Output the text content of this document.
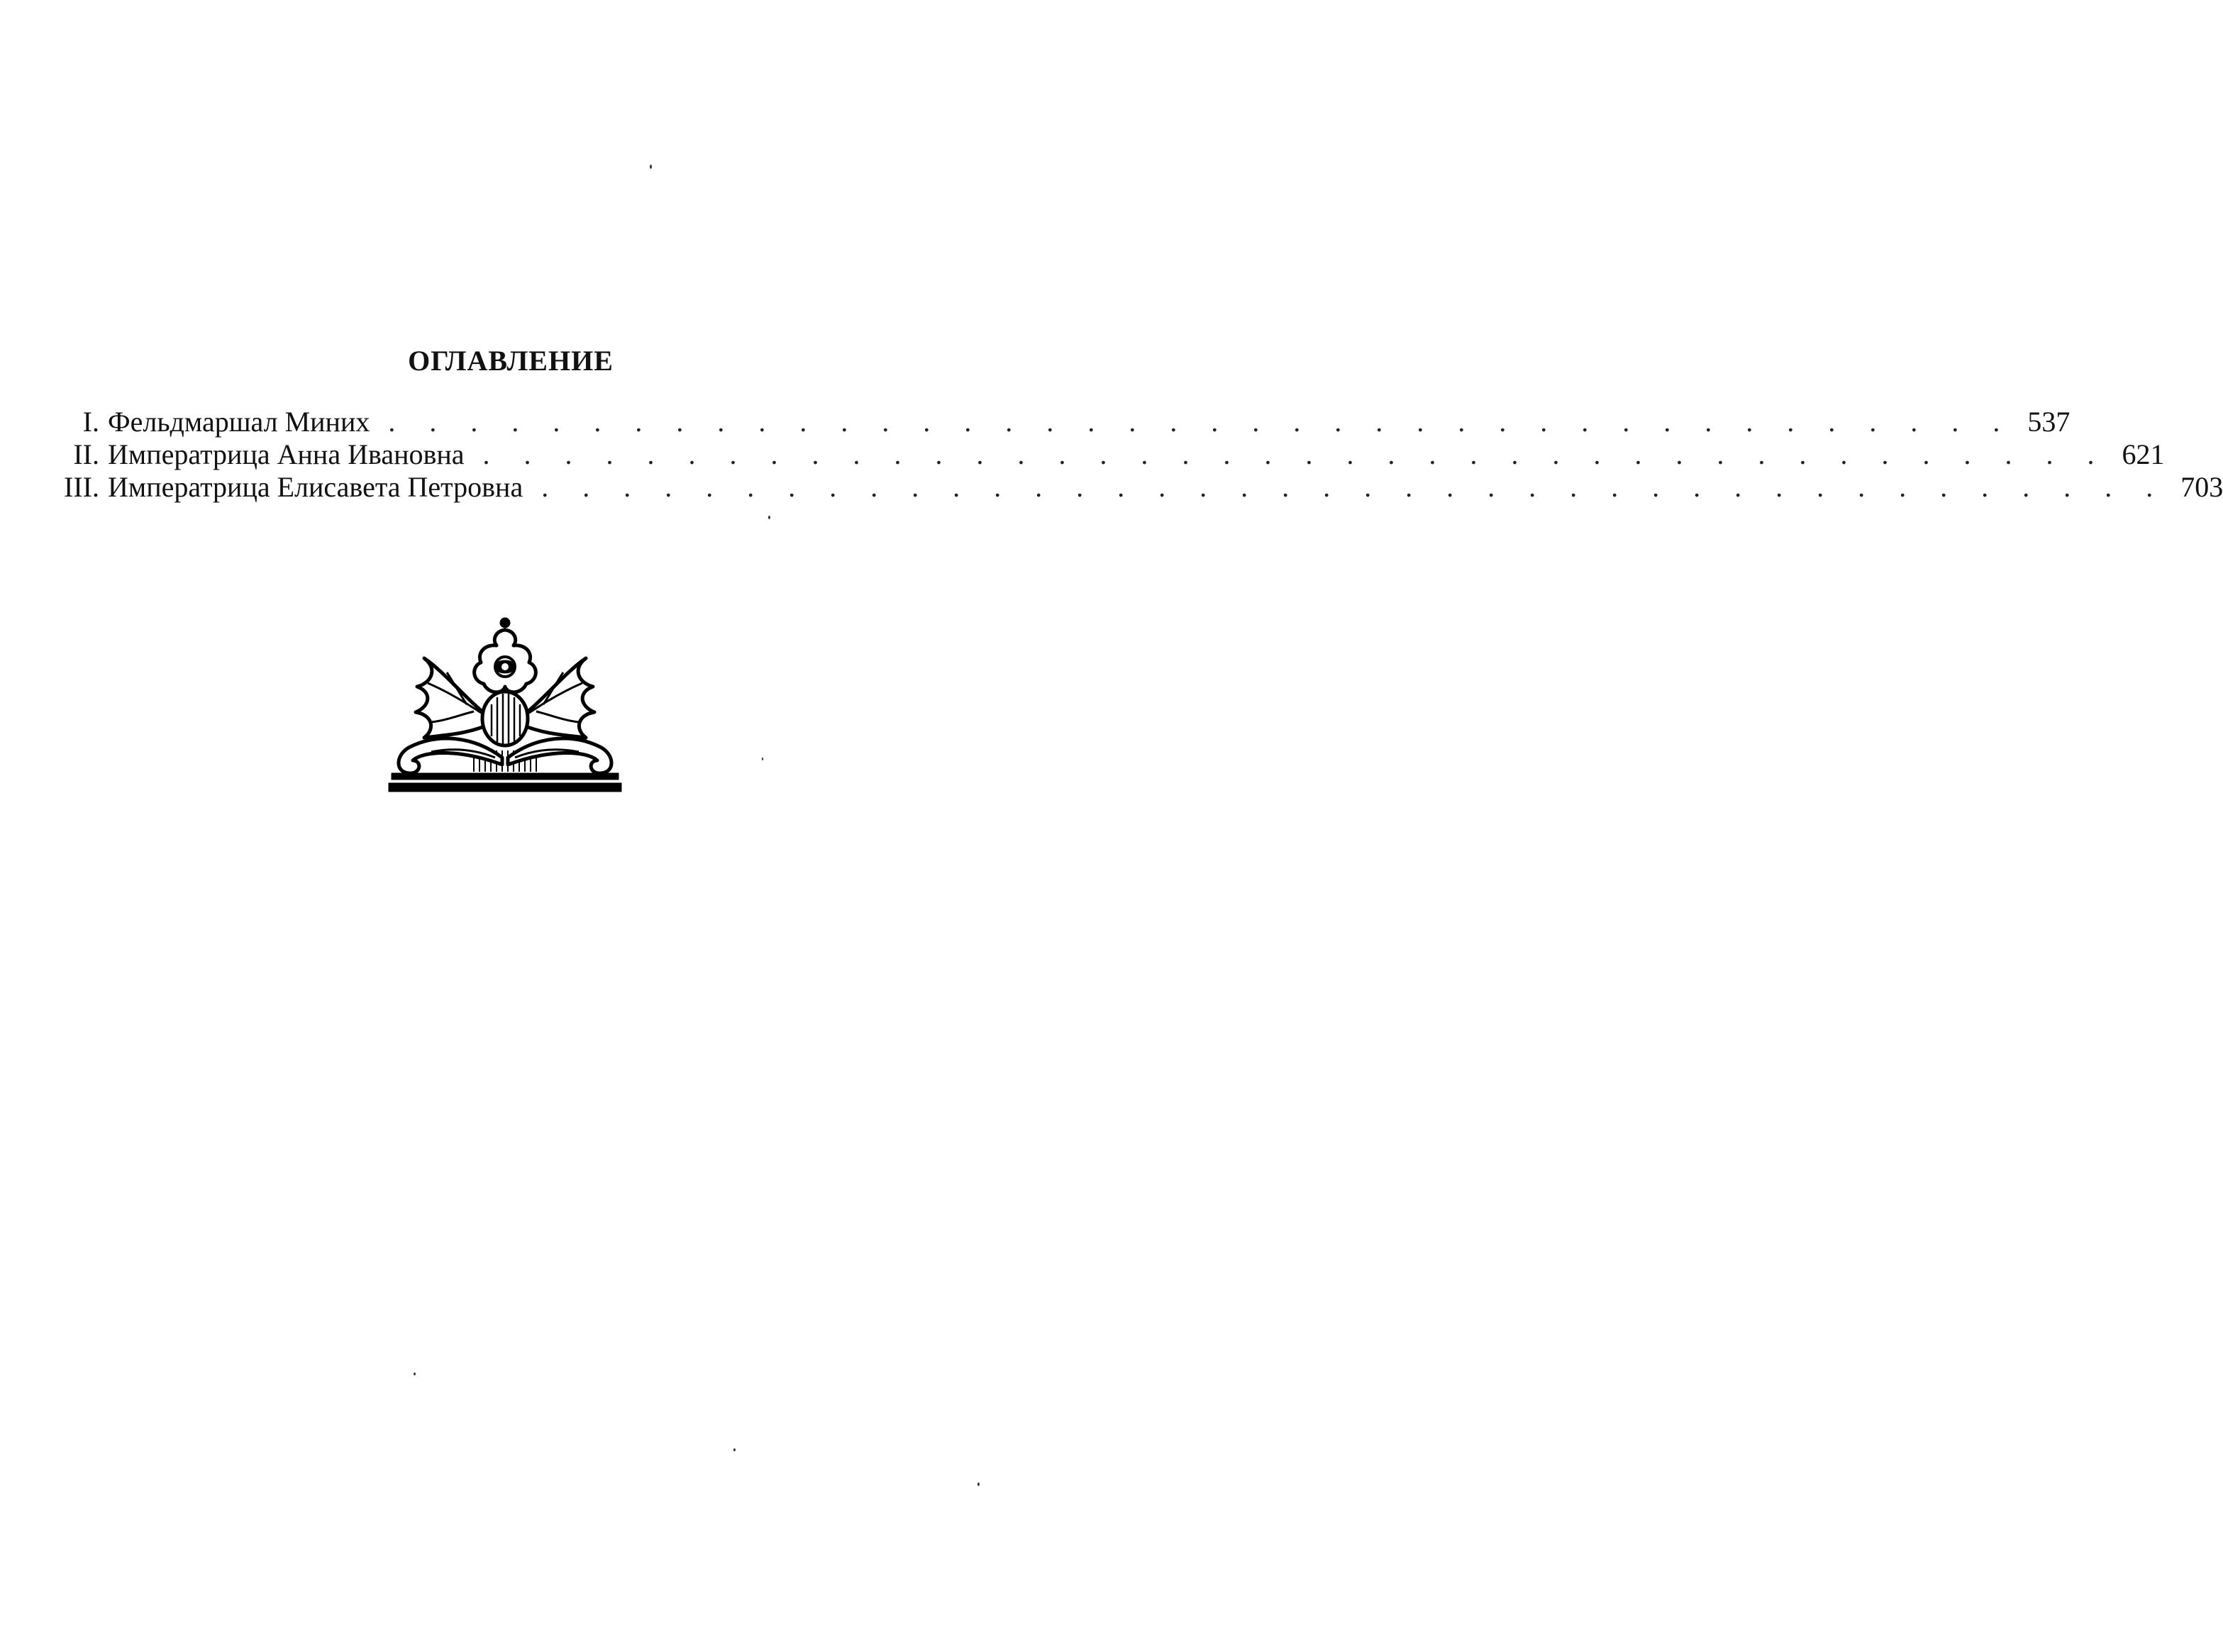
ОГЛАВЛЕНИЕ
I. Фельдмаршал Миних . . . . . . . . . . . . . . . . . . . . . . . . . . . . . . . . . . . . . . . . 537
II. Императрица Анна Ивановна . . . . . . . . . . . . . . . . . . . . . . . . . . . . . . . . . . . . . . . . 621
III. Императрица Елисавета Петровна . . . . . . . . . . . . . . . . . . . . . . . . . . . . . . . . . . . . . . . . 703
